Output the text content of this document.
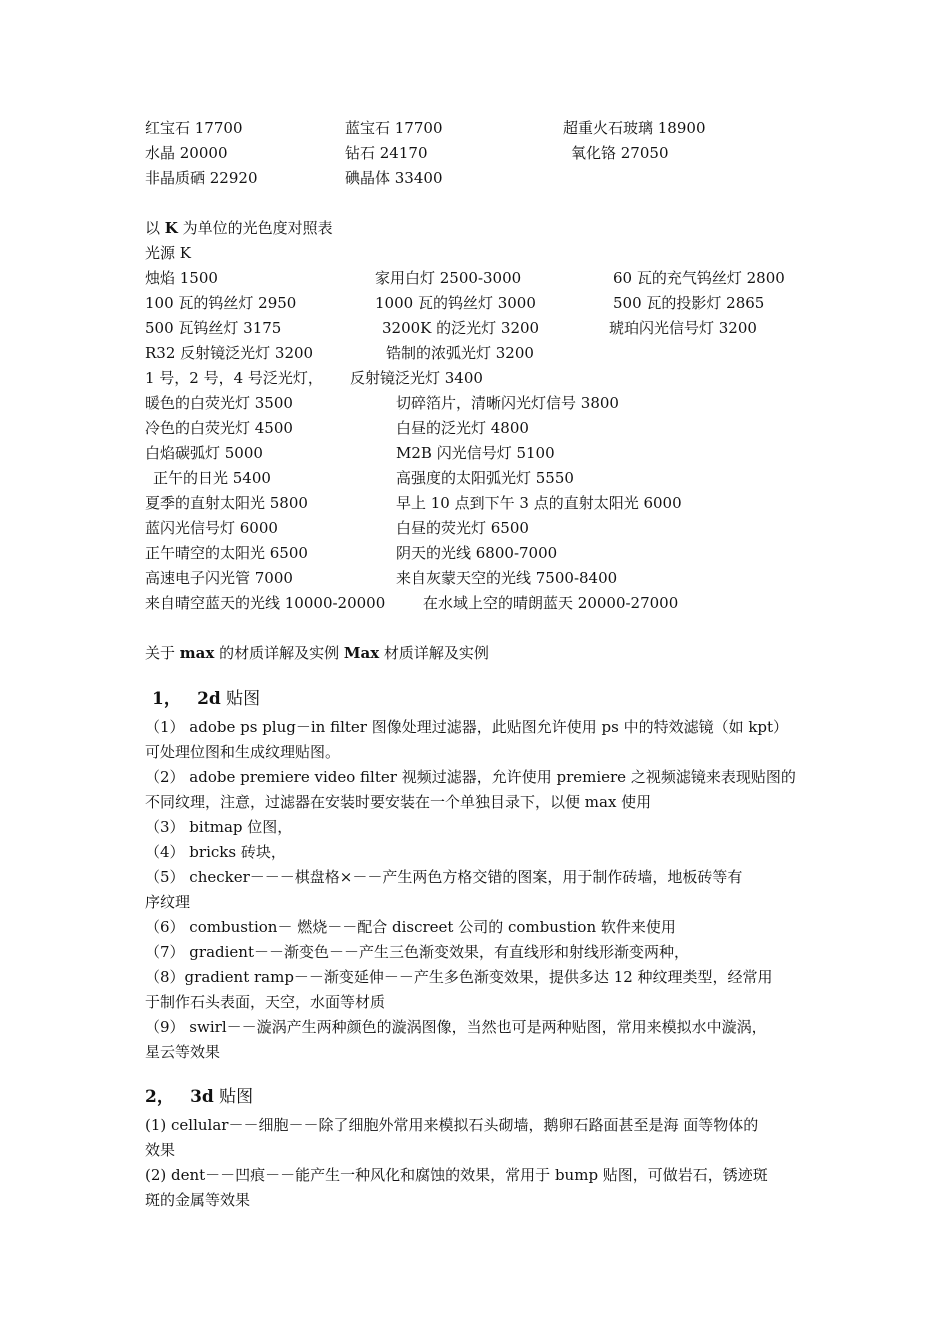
红宝石 17700	蓝宝石 17700	超重火石玻璃 18900
水晶 20000	钻石 24170	氧化铬 27050
非晶质硒 22920	碘晶体 33400
以 K 为单位的光色度对照表
光源 K
烛焰 1500	家用白灯 2500-3000	60 瓦的充气钨丝灯 2800
100 瓦的钨丝灯 2950	1000 瓦的钨丝灯 3000	500 瓦的投影灯 2865
500 瓦钨丝灯 3175	3200K 的泛光灯 3200	琥珀闪光信号灯 3200
R32 反射镜泛光灯 3200	锆制的浓弧光灯 3200
1 号，2 号，4 号泛光灯， 反射镜泛光灯 3400
暖色的白荧光灯 3500	切碎箔片，清晰闪光灯信号 3800
冷色的白荧光灯 4500	白昼的泛光灯 4800
白焰碳弧灯 5000	M2B 闪光信号灯 5100
正午的日光 5400	高强度的太阳弧光灯 5550
夏季的直射太阳光 5800	早上 10 点到下午 3 点的直射太阳光 6000
蓝闪光信号灯 6000	白昼的荧光灯 6500
正午晴空的太阳光 6500	阴天的光线 6800-7000
高速电子闪光管 7000	来自灰蒙天空的光线 7500-8400
来自晴空蓝天的光线 10000-20000	在水域上空的晴朗蓝天 20000-27000
关于 max 的材质详解及实例 Max 材质详解及实例
1， 2d 贴图
（1） adobe ps plug－in filter 图像处理过滤器，此贴图允许使用 ps 中的特效滤镜（如 kpt）
可处理位图和生成纹理贴图。
（2） adobe premiere video filter 视频过滤器，允许使用 premiere 之视频滤镜来表现贴图的
不同纹理，注意，过滤器在安装时要安装在一个单独目录下，以便 max 使用
（3） bitmap 位图，
（4） bricks 砖块，
（5） checker－－－棋盘格×－－产生两色方格交错的图案，用于制作砖墙，地板砖等有
序纹理
（6） combustion－ 燃烧－－配合 discreet 公司的 combustion 软件来使用
（7） gradient－－渐变色－－产生三色渐变效果，有直线形和射线形渐变两种，
（8）gradient ramp－－渐变延伸－－产生多色渐变效果，提供多达 12 种纹理类型，经常用
于制作石头表面，天空，水面等材质
（9） swirl－－漩涡产生两种颜色的漩涡图像，当然也可是两种贴图，常用来模拟水中漩涡，
星云等效果
2， 3d 贴图
(1) cellular－－细胞－－除了细胞外常用来模拟石头砌墙，鹅卵石路面甚至是海 面等物体的
效果
(2) dent－－凹痕－－能产生一种风化和腐蚀的效果，常用于 bump 贴图，可做岩石，锈迹斑
斑的金属等效果
